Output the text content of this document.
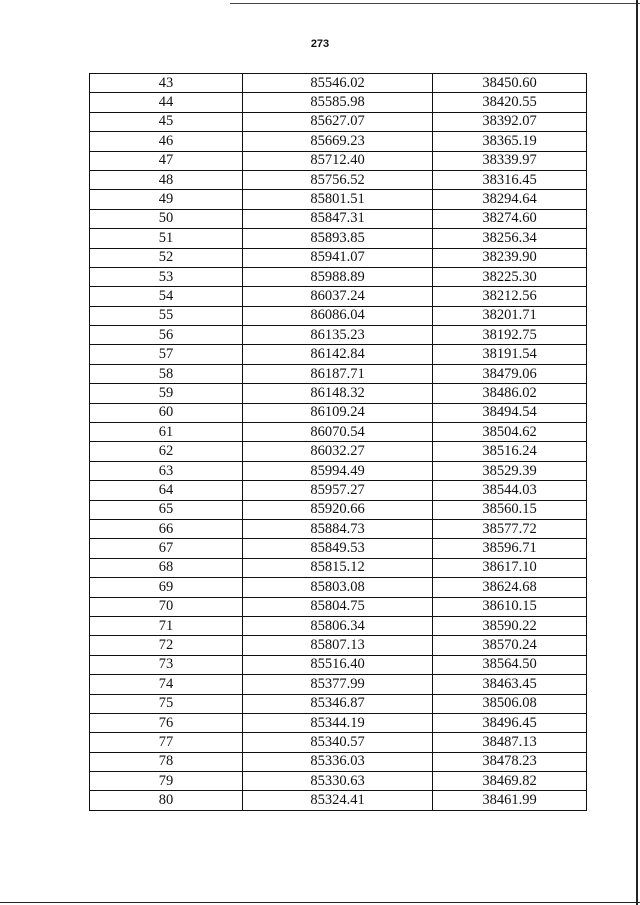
273
43	85546.02	38450.60
44	85585.98	38420.55
45	85627.07	38392.07
46	85669.23	38365.19
47	85712.40	38339.97
48	85756.52	38316.45
49	85801.51	38294.64
50	85847.31	38274.60
51	85893.85	38256.34
52	85941.07	38239.90
53	85988.89	38225.30
54	86037.24	38212.56
55	86086.04	38201.71
56	86135.23	38192.75
57	86142.84	38191.54
58	86187.71	38479.06
59	86148.32	38486.02
60	86109.24	38494.54
61	86070.54	38504.62
62	86032.27	38516.24
63	85994.49	38529.39
64	85957.27	38544.03
65	85920.66	38560.15
66	85884.73	38577.72
67	85849.53	38596.71
68	85815.12	38617.10
69	85803.08	38624.68
70	85804.75	38610.15
71	85806.34	38590.22
72	85807.13	38570.24
73	85516.40	38564.50
74	85377.99	38463.45
75	85346.87	38506.08
76	85344.19	38496.45
77	85340.57	38487.13
78	85336.03	38478.23
79	85330.63	38469.82
80	85324.41	38461.99
